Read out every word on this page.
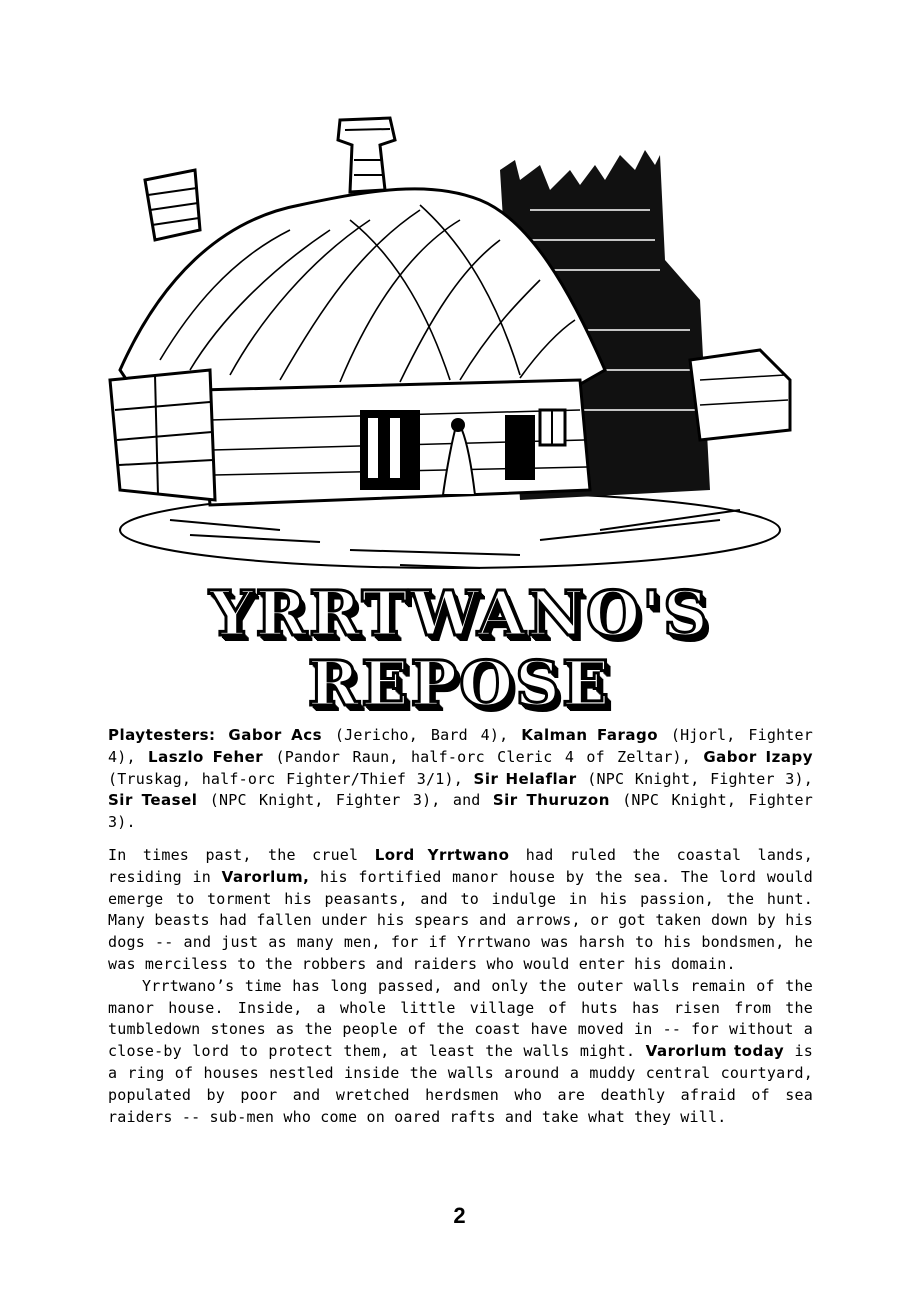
YRRTWANO'S
REPOSE
Playtesters: Gabor Acs (Jericho, Bard 4), Kalman Farago (Hjorl, Fighter 4), Laszlo Feher (Pandor Raun, half-orc Cleric 4 of Zeltar), Gabor Izapy (Truskag, half-orc Fighter/Thief 3/1), Sir Helaflar (NPC Knight, Fighter 3), Sir Teasel (NPC Knight, Fighter 3), and Sir Thuruzon (NPC Knight, Fighter 3).

In times past, the cruel Lord Yrrtwano had ruled the coastal lands, residing in Varorlum, his fortified manor house by the sea. The lord would emerge to torment his peasants, and to indulge in his passion, the hunt. Many beasts had fallen under his spears and arrows, or got taken down by his dogs -- and just as many men, for if Yrrtwano was harsh to his bondsmen, he was merciless to the robbers and raiders who would enter his domain.

Yrrtwano’s time has long passed, and only the outer walls remain of the manor house. Inside, a whole little village of huts has risen from the tumbledown stones as the people of the coast have moved in -- for without a close-by lord to protect them, at least the walls might. Varorlum today is a ring of houses nestled inside the walls around a muddy central courtyard, populated by poor and wretched herdsmen who are deathly afraid of sea raiders -- sub-men who come on oared rafts and take what they will.

2
